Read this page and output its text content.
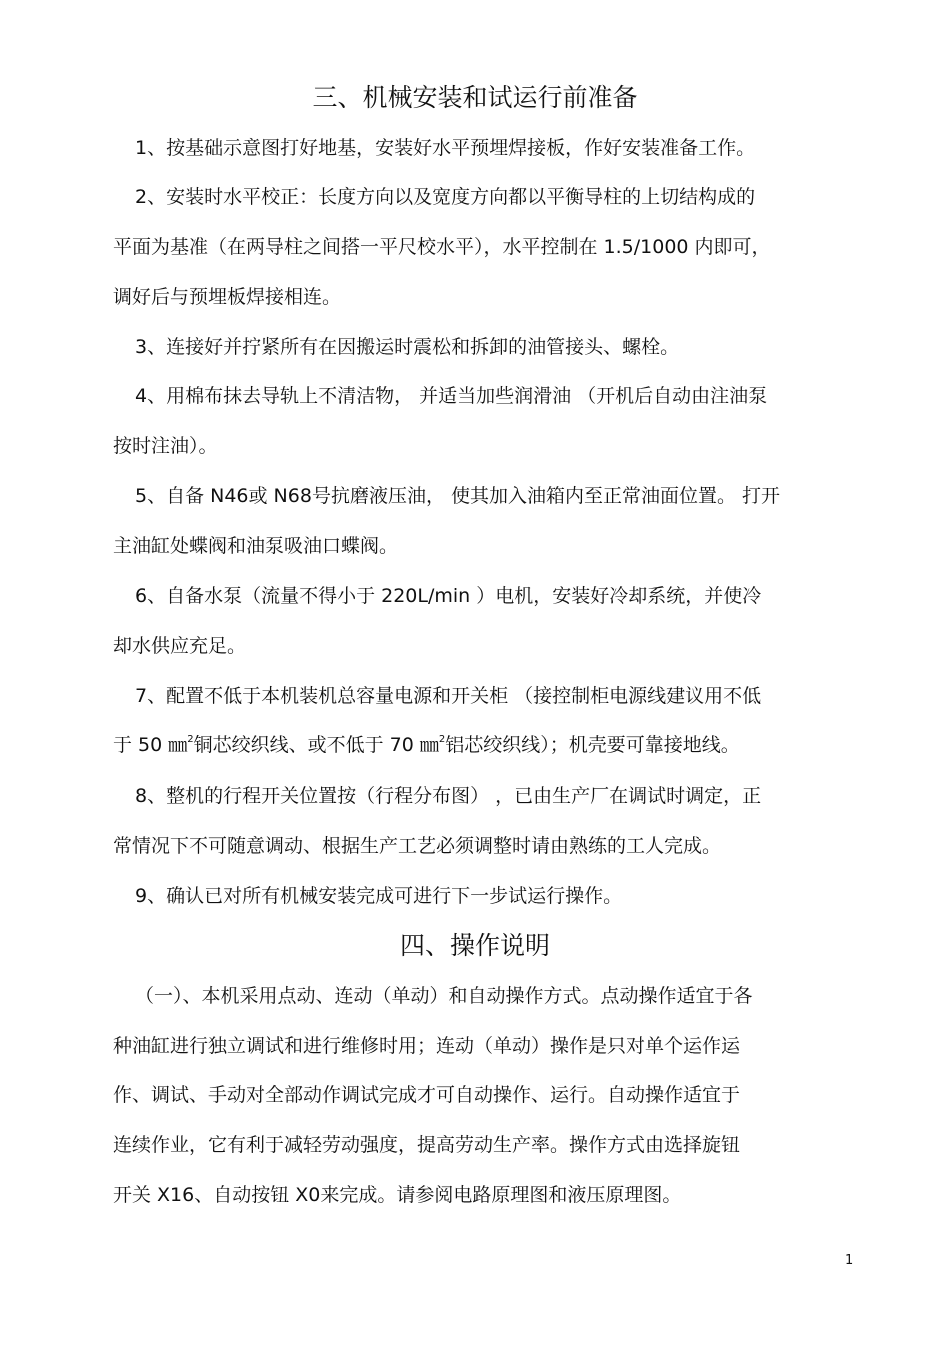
三、机械安装和试运行前准备
1、按基础示意图打好地基，安装好水平预埋焊接板，作好安装准备工作。
2、安装时水平校正：长度方向以及宽度方向都以平衡导柱的上切结构成的
平面为基准（在两导柱之间搭一平尺校水平），水平控制在 1.5/1000 内即可，
调好后与预埋板焊接相连。
3、连接好并拧紧所有在因搬运时震松和拆卸的油管接头、螺栓。
4、用棉布抹去导轨上不清洁物， 并适当加些润滑油 （开机后自动由注油泵
按时注油）。
5、自备 N46或 N68号抗磨液压油， 使其加入油箱内至正常油面位置。 打开
主油缸处蝶阀和油泵吸油口蝶阀。
6、自备水泵（流量不得小于 220L/min ）电机，安装好冷却系统，并使冷
却水供应充足。
7、配置不低于本机装机总容量电源和开关柜 （接控制柜电源线建议用不低
于 50 ㎜$^2$铜芯绞织线、或不低于 70 ㎜$^2$铝芯绞织线）；机壳要可靠接地线。
8、整机的行程开关位置按（行程分布图） ，已由生产厂在调试时调定，正
常情况下不可随意调动、根据生产工艺必须调整时请由熟练的工人完成。
9、确认已对所有机械安装完成可进行下一步试运行操作。
四、操作说明
（一）、本机采用点动、连动（单动）和自动操作方式。点动操作适宜于各
种油缸进行独立调试和进行维修时用；连动（单动）操作是只对单个运作运
作、调试、手动对全部动作调试完成才可自动操作、运行。自动操作适宜于
连续作业，它有利于减轻劳动强度，提高劳动生产率。操作方式由选择旋钮
开关 X16、自动按钮 X0来完成。请参阅电路原理图和液压原理图。
1
